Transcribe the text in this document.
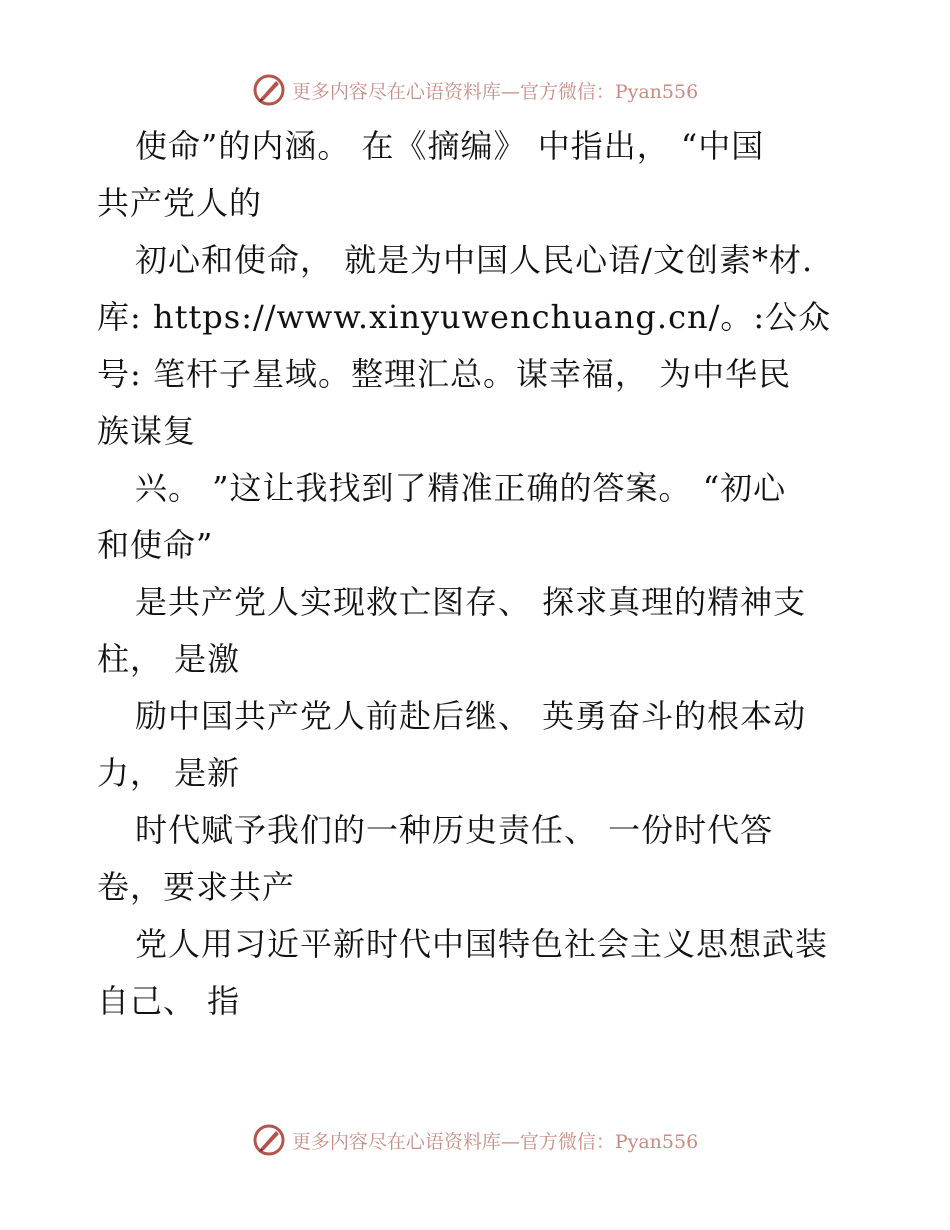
更多内容尽在心语资料库—官方微信：Pyan556
使命”的内涵。 在《摘编》 中指出， “中国
共产党人的
初心和使命， 就是为中国人民心语/文创素*材.
库: https://www.xinyuwenchuang.cn/。:公众
号: 笔杆子星域。整理汇总。谋幸福， 为中华民
族谋复
兴。 ”这让我找到了精准正确的答案。 “初心
和使命”
是共产党人实现救亡图存、 探求真理的精神支
柱， 是激
励中国共产党人前赴后继、 英勇奋斗的根本动
力， 是新
时代赋予我们的一种历史责任、 一份时代答
卷，要求共产
党人用习近平新时代中国特色社会主义思想武装
自己、 指
更多内容尽在心语资料库—官方微信：Pyan556
